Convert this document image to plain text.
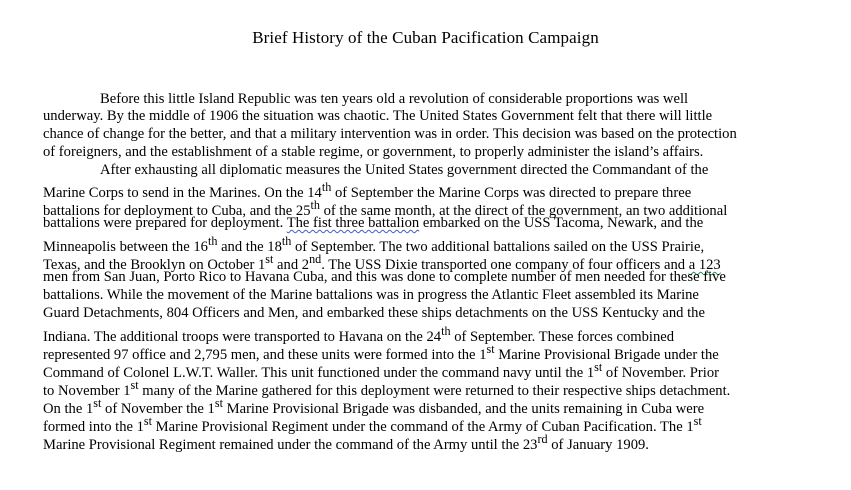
Brief History of the Cuban Pacification Campaign
Before this little Island Republic was ten years old a revolution of considerable proportions was well
underway. By the middle of 1906 the situation was chaotic. The United States Government felt that there will little
chance of change for the better, and that a military intervention was in order. This decision was based on the protection
of foreigners, and the establishment of a stable regime, or government, to properly administer the island’s affairs.
After exhausting all diplomatic measures the United States government directed the Commandant of the
Marine Corps to send in the Marines. On the 14th of September the Marine Corps was directed to prepare three
battalions for deployment to Cuba, and the 25th of the same month, at the direct of the government, an two additional
battalions were prepared for deployment. The fist three battalion embarked on the USS Tacoma, Newark, and the
Minneapolis between the 16th and the 18th of September. The two additional battalions sailed on the USS Prairie,
Texas, and the Brooklyn on October 1st and 2nd. The USS Dixie transported one company of four officers and a 123
men from San Juan, Porto Rico to Havana Cuba, and this was done to complete number of men needed for these five
battalions. While the movement of the Marine battalions was in progress the Atlantic Fleet assembled its Marine
Guard Detachments, 804 Officers and Men, and embarked these ships detachments on the USS Kentucky and the
Indiana. The additional troops were transported to Havana on the 24th of September. These forces combined
represented 97 office and 2,795 men, and these units were formed into the 1st Marine Provisional Brigade under the
Command of Colonel L.W.T. Waller. This unit functioned under the command navy until the 1st of November. Prior
to November 1st many of the Marine gathered for this deployment were returned to their respective ships detachment.
On the 1st of November the 1st Marine Provisional Brigade was disbanded, and the units remaining in Cuba were
formed into the 1st Marine Provisional Regiment under the command of the Army of Cuban Pacification. The 1st
Marine Provisional Regiment remained under the command of the Army until the 23rd of January 1909.
